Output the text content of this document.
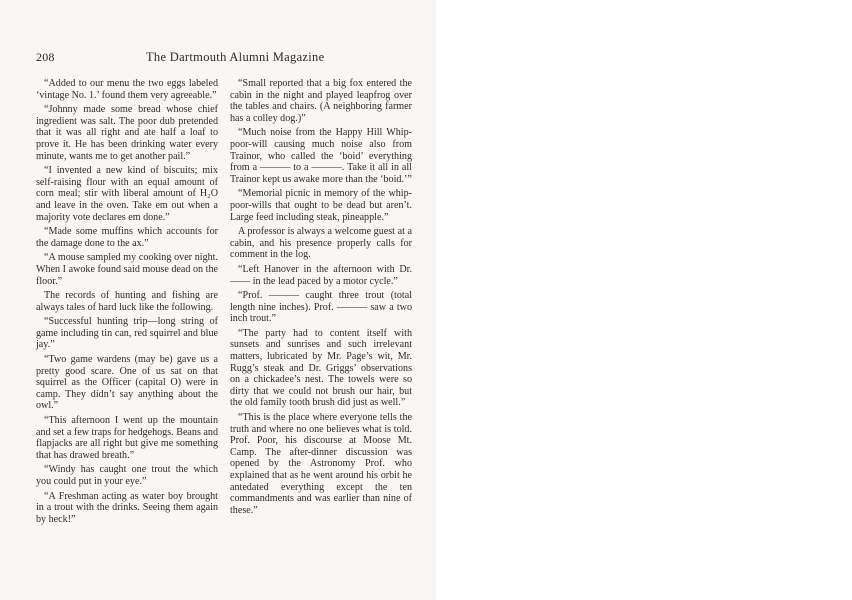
208	The Dartmouth Alumni Magazine

“Added to our menu the two eggs labeled ‘vintage No. 1.’ found them very agreeable.”

“Johnny made some bread whose chief ingredient was salt. The poor dub pretended that it was all right and ate half a loaf to prove it. He has been drinking water every minute, wants me to get another pail.”

“I invented a new kind of biscuits; mix self-raising flour with an equal amount of corn meal; stir with liberal amount of H₂O and leave in the oven. Take em out when a majority vote declares em done.”

“Made some muffins which accounts for the damage done to the ax.”

“A mouse sampled my cooking over night. When I awoke found said mouse dead on the floor.”

The records of hunting and fishing are always tales of hard luck like the following.

“Successful hunting trip—long string of game including tin can, red squirrel and blue jay.”

“Two game wardens (may be) gave us a pretty good scare. One of us sat on that squirrel as the Officer (capital O) were in camp. They didn’t say anything about the owl.”

“This afternoon I went up the mountain and set a few traps for hedgehogs. Beans and flapjacks are all right but give me something that has drawed breath.”

“Windy has caught one trout the which you could put in your eye.”

“A Freshman acting as water boy brought in a trout with the drinks. Seeing them again by heck!”

“Small reported that a big fox entered the cabin in the night and played leapfrog over the tables and chairs. (A neighboring farmer has a colley dog.)”

“Much noise from the Happy Hill Whip-poor-will causing much noise also from Trainor, who called the ‘boid’ everything from a ——— to a ———. Take it all in all Trainor kept us awake more than the ‘boid.’”

“Memorial picnic in memory of the whip-poor-wills that ought to be dead but aren’t. Large feed including steak, pineapple.”

A professor is always a welcome guest at a cabin, and his presence properly calls for comment in the log.

“Left Hanover in the afternoon with Dr. —— in the lead paced by a motor cycle.”

“Prof. ——— caught three trout (total length nine inches). Prof. ——— saw a two inch trout.”

“The party had to content itself with sunsets and sunrises and such irrelevant matters, lubricated by Mr. Page’s wit, Mr. Rugg’s steak and Dr. Griggs’ observations on a chickadee’s nest. The towels were so dirty that we could not brush our hair, but the old family tooth brush did just as well.”

“This is the place where everyone tells the truth and where no one believes what is told. Prof. Poor, his discourse at Moose Mt. Camp. The after-dinner discussion was opened by the Astronomy Prof. who explained that as he went around his orbit he antedated everything except the ten commandments and was earlier than nine of these.”
